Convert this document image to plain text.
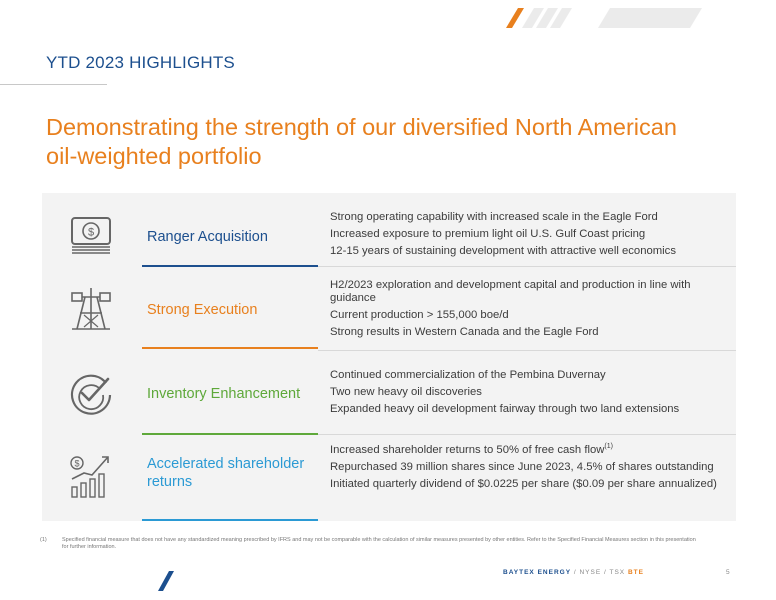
YTD 2023 HIGHLIGHTS
Demonstrating the strength of our diversified North American oil-weighted portfolio
$	Ranger Acquisition
Strong operating capability with increased scale in the Eagle Ford
Increased exposure to premium light oil U.S. Gulf Coast pricing
12-15 years of sustaining development with attractive well economics
Strong Execution
H2/2023 exploration and development capital and production in line with guidance
Current production > 155,000 boe/d
Strong results in Western Canada and the Eagle Ford
Inventory Enhancement
Continued commercialization of the Pembina Duvernay
Two new heavy oil discoveries
Expanded heavy oil development fairway through two land extensions
$	Accelerated shareholder returns
Increased shareholder returns to 50% of free cash flow$^{(1)}$
Repurchased 39 million shares since June 2023, 4.5% of shares outstanding
Initiated quarterly dividend of $0.0225 per share ($0.09 per share annualized)
(1)	Specified financial measure that does not have any standardized meaning prescribed by IFRS and may not be comparable with the calculation of similar measures presented by other entities. Refer to the Specified Financial Measures section in this presentation for further information.
BAYTEX ENERGY / NYSE / TSX BTE	5
